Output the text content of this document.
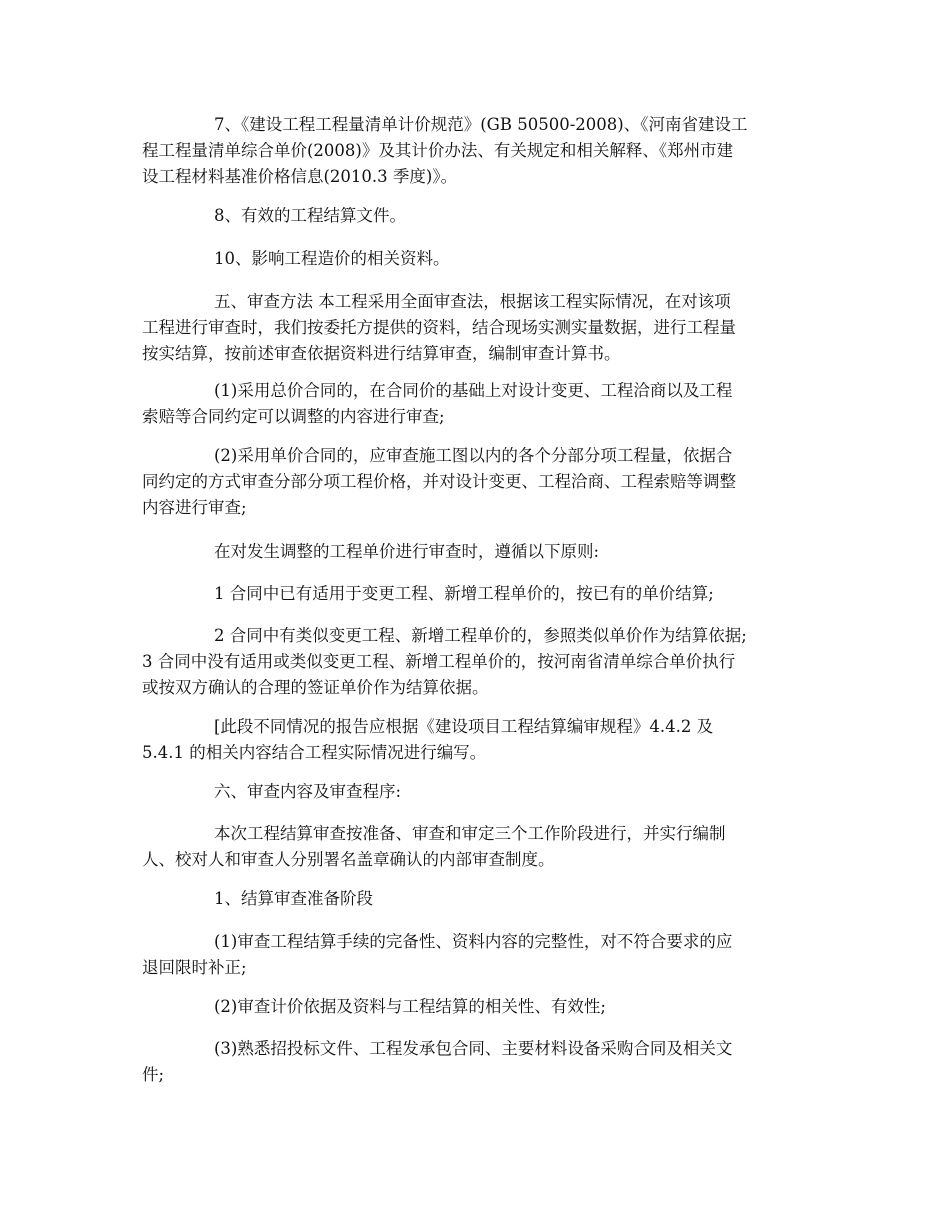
7、《建设工程工程量清单计价规范》(GB 50500-2008)、《河南省建设工
程工程量清单综合单价(2008)》及其计价办法、有关规定和相关解释、《郑州市建
设工程材料基准价格信息(2010.3 季度)》。
8、有效的工程结算文件。
10、影响工程造价的相关资料。
五、审查方法 本工程采用全面审查法，根据该工程实际情况，在对该项
工程进行审查时，我们按委托方提供的资料，结合现场实测实量数据，进行工程量
按实结算，按前述审查依据资料进行结算审查，编制审查计算书。
(1)采用总价合同的，在合同价的基础上对设计变更、工程洽商以及工程
索赔等合同约定可以调整的内容进行审查;
(2)采用单价合同的，应审查施工图以内的各个分部分项工程量，依据合
同约定的方式审查分部分项工程价格，并对设计变更、工程洽商、工程索赔等调整
内容进行审查;
在对发生调整的工程单价进行审查时，遵循以下原则:
1 合同中已有适用于变更工程、新增工程单价的，按已有的单价结算;
2 合同中有类似变更工程、新增工程单价的，参照类似单价作为结算依据;
3 合同中没有适用或类似变更工程、新增工程单价的，按河南省清单综合单价执行
或按双方确认的合理的签证单价作为结算依据。
[此段不同情况的报告应根据《建设项目工程结算编审规程》4.4.2 及
5.4.1 的相关内容结合工程实际情况进行编写。
六、审查内容及审查程序:
本次工程结算审查按准备、审查和审定三个工作阶段进行，并实行编制
人、校对人和审查人分别署名盖章确认的内部审查制度。
1、结算审查准备阶段
(1)审查工程结算手续的完备性、资料内容的完整性，对不符合要求的应
退回限时补正;
(2)审查计价依据及资料与工程结算的相关性、有效性;
(3)熟悉招投标文件、工程发承包合同、主要材料设备采购合同及相关文
件;
